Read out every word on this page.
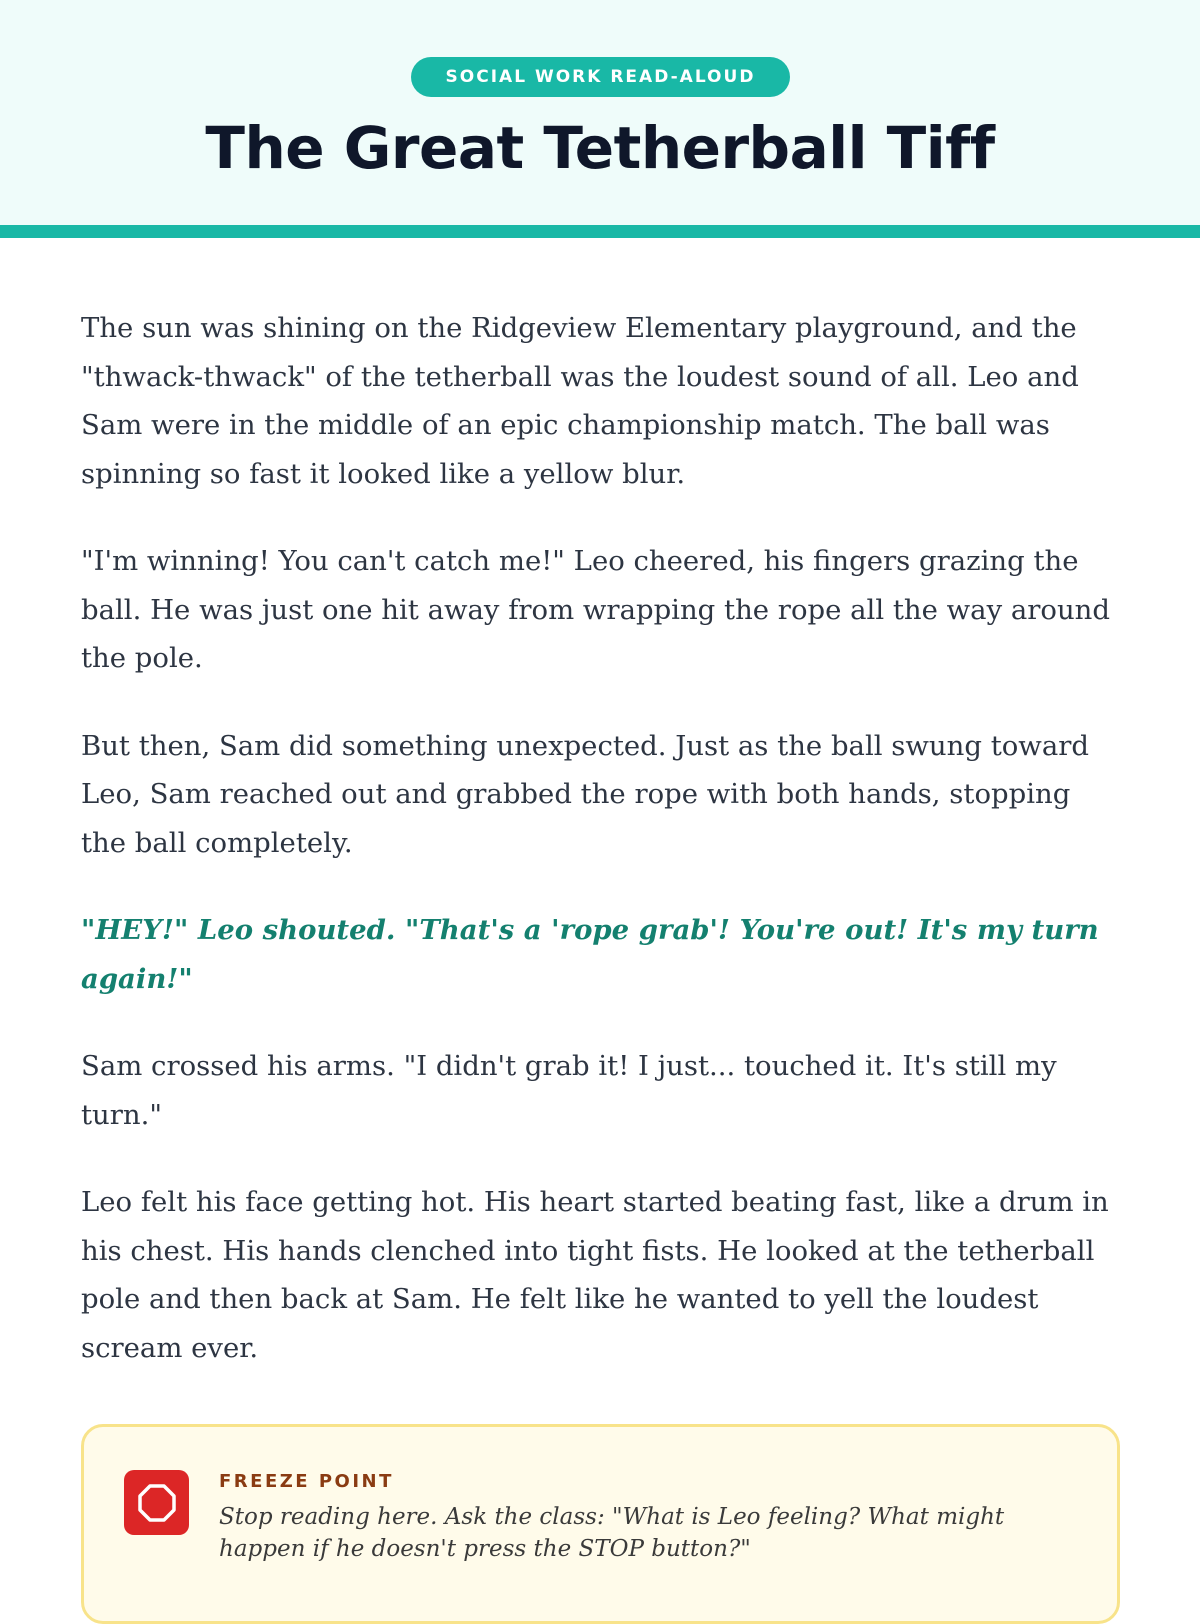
SOCIAL WORK READ-ALOUD
The Great Tetherball Tiff

The sun was shining on the Ridgeview Elementary playground, and the "thwack-thwack" of the tetherball was the loudest sound of all. Leo and Sam were in the middle of an epic championship match. The ball was spinning so fast it looked like a yellow blur.

"I'm winning! You can't catch me!" Leo cheered, his fingers grazing the ball. He was just one hit away from wrapping the rope all the way around the pole.

But then, Sam did something unexpected. Just as the ball swung toward Leo, Sam reached out and grabbed the rope with both hands, stopping the ball completely.

"HEY!" Leo shouted. "That's a 'rope grab'! You're out! It's my turn again!"

Sam crossed his arms. "I didn't grab it! I just... touched it. It's still my turn."

Leo felt his face getting hot. His heart started beating fast, like a drum in his chest. His hands clenched into tight fists. He looked at the tetherball pole and then back at Sam. He felt like he wanted to yell the loudest scream ever.

FREEZE POINT

Stop reading here. Ask the class: "What is Leo feeling? What might happen if he doesn't press the STOP button?"
